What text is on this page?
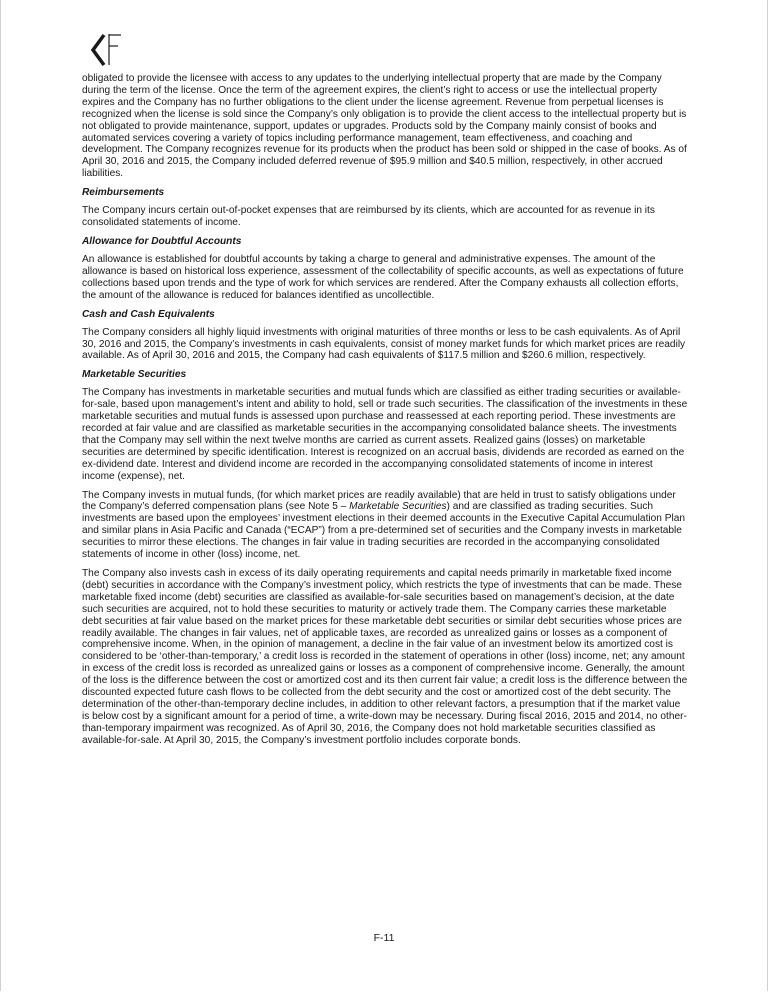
obligated to provide the licensee with access to any updates to the underlying intellectual property that are made by the Company during the term of the license. Once the term of the agreement expires, the client’s right to access or use the intellectual property expires and the Company has no further obligations to the client under the license agreement. Revenue from perpetual licenses is recognized when the license is sold since the Company’s only obligation is to provide the client access to the intellectual property but is not obligated to provide maintenance, support, updates or upgrades. Products sold by the Company mainly consist of books and automated services covering a variety of topics including performance management, team effectiveness, and coaching and development. The Company recognizes revenue for its products when the product has been sold or shipped in the case of books. As of April 30, 2016 and 2015, the Company included deferred revenue of $95.9 million and $40.5 million, respectively, in other accrued liabilities.

Reimbursements

The Company incurs certain out-of-pocket expenses that are reimbursed by its clients, which are accounted for as revenue in its consolidated statements of income.

Allowance for Doubtful Accounts

An allowance is established for doubtful accounts by taking a charge to general and administrative expenses. The amount of the allowance is based on historical loss experience, assessment of the collectability of specific accounts, as well as expectations of future collections based upon trends and the type of work for which services are rendered. After the Company exhausts all collection efforts, the amount of the allowance is reduced for balances identified as uncollectible.

Cash and Cash Equivalents

The Company considers all highly liquid investments with original maturities of three months or less to be cash equivalents. As of April 30, 2016 and 2015, the Company’s investments in cash equivalents, consist of money market funds for which market prices are readily available. As of April 30, 2016 and 2015, the Company had cash equivalents of $117.5 million and $260.6 million, respectively.

Marketable Securities

The Company has investments in marketable securities and mutual funds which are classified as either trading securities or available-for-sale, based upon management’s intent and ability to hold, sell or trade such securities. The classification of the investments in these marketable securities and mutual funds is assessed upon purchase and reassessed at each reporting period. These investments are recorded at fair value and are classified as marketable securities in the accompanying consolidated balance sheets. The investments that the Company may sell within the next twelve months are carried as current assets. Realized gains (losses) on marketable securities are determined by specific identification. Interest is recognized on an accrual basis, dividends are recorded as earned on the ex-dividend date. Interest and dividend income are recorded in the accompanying consolidated statements of income in interest income (expense), net.

The Company invests in mutual funds, (for which market prices are readily available) that are held in trust to satisfy obligations under the Company’s deferred compensation plans (see Note 5 – Marketable Securities) and are classified as trading securities. Such investments are based upon the employees’ investment elections in their deemed accounts in the Executive Capital Accumulation Plan and similar plans in Asia Pacific and Canada (“ECAP”) from a pre-determined set of securities and the Company invests in marketable securities to mirror these elections. The changes in fair value in trading securities are recorded in the accompanying consolidated statements of income in other (loss) income, net.

The Company also invests cash in excess of its daily operating requirements and capital needs primarily in marketable fixed income (debt) securities in accordance with the Company’s investment policy, which restricts the type of investments that can be made. These marketable fixed income (debt) securities are classified as available-for-sale securities based on management’s decision, at the date such securities are acquired, not to hold these securities to maturity or actively trade them. The Company carries these marketable debt securities at fair value based on the market prices for these marketable debt securities or similar debt securities whose prices are readily available. The changes in fair values, net of applicable taxes, are recorded as unrealized gains or losses as a component of comprehensive income. When, in the opinion of management, a decline in the fair value of an investment below its amortized cost is considered to be ‘other-than-temporary,’ a credit loss is recorded in the statement of operations in other (loss) income, net; any amount in excess of the credit loss is recorded as unrealized gains or losses as a component of comprehensive income. Generally, the amount of the loss is the difference between the cost or amortized cost and its then current fair value; a credit loss is the difference between the discounted expected future cash flows to be collected from the debt security and the cost or amortized cost of the debt security. The determination of the other-than-temporary decline includes, in addition to other relevant factors, a presumption that if the market value is below cost by a significant amount for a period of time, a write-down may be necessary. During fiscal 2016, 2015 and 2014, no other-than-temporary impairment was recognized. As of April 30, 2016, the Company does not hold marketable securities classified as available-for-sale. At April 30, 2015, the Company’s investment portfolio includes corporate bonds.

F-11
